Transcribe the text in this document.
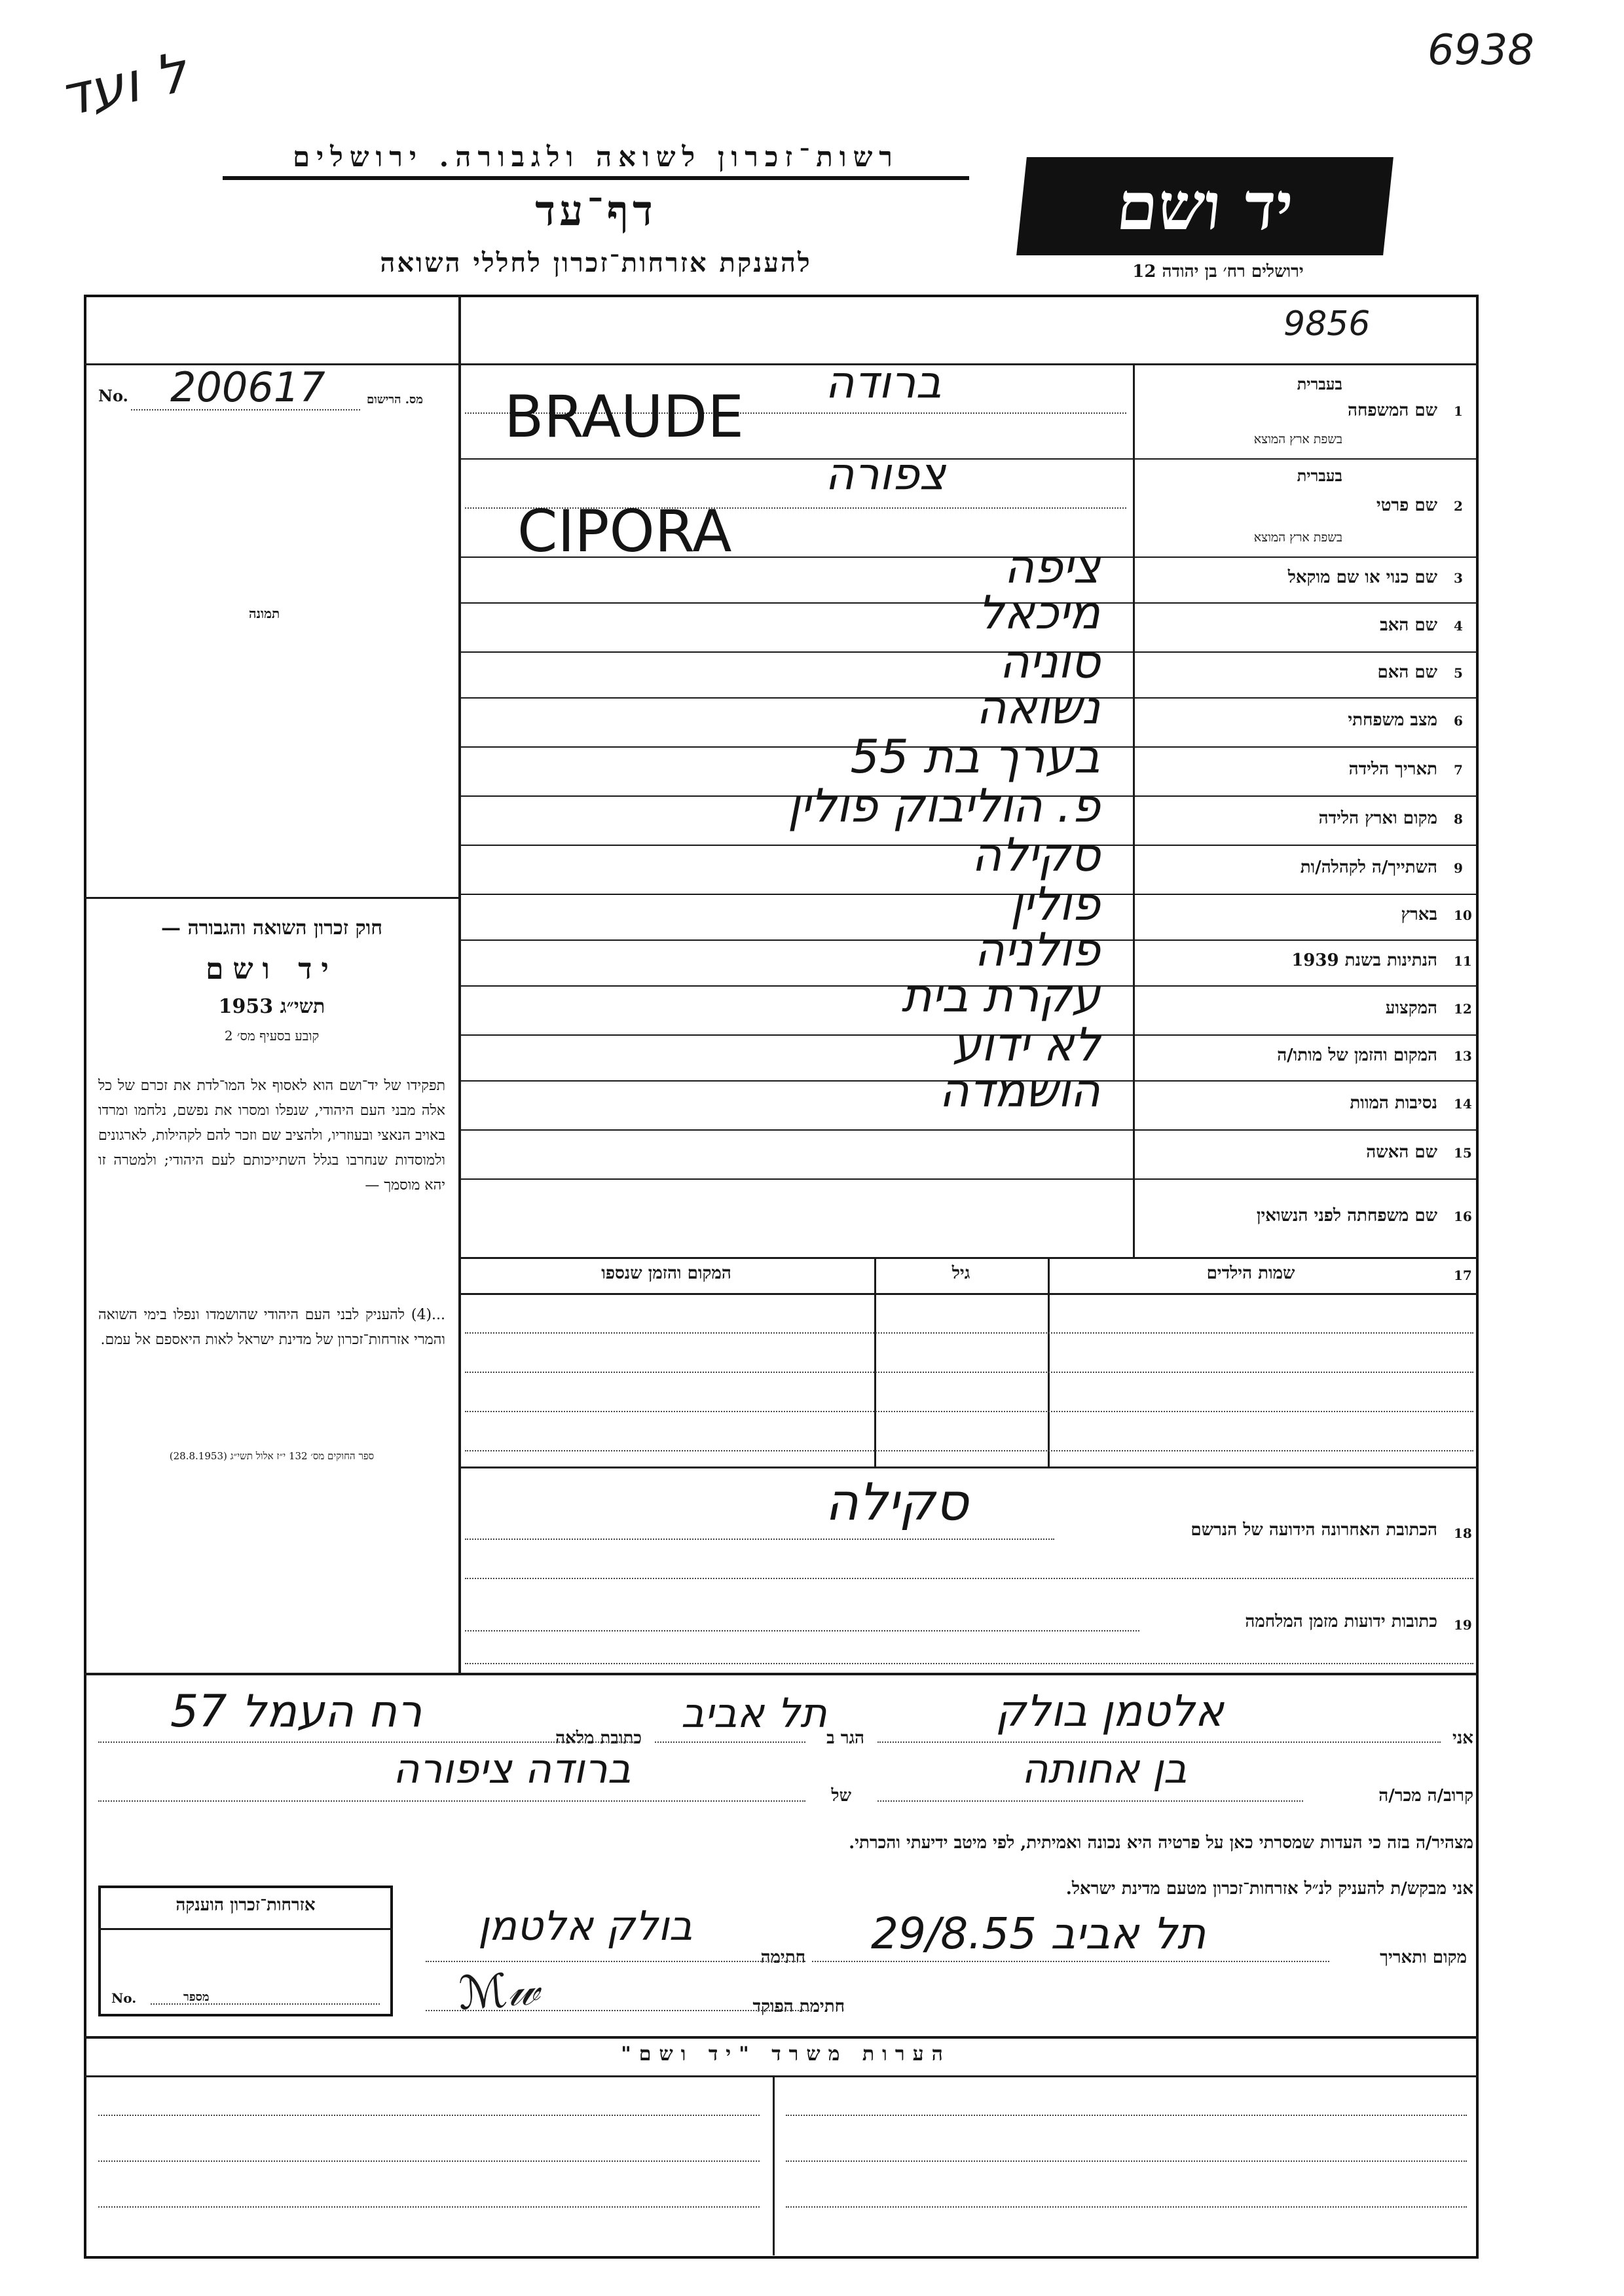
ל ועד	6938
רשות־זכרון לשואה ולגבורה. ירושלים
דף־עד
להענקת אזרחות־זכרון לחללי השואה
יד ושם
ירושלים רח׳ בן יהודה 12
9856
No. 200617	מס. הרישום
תמונה
1
שם המשפחה
בעברית
בשפת ארץ המוצא
ברודה
BRAUDE
2
שם פרטי
בעברית
בשפת ארץ המוצא
צפורה
CIPORA
3
שם כנוי או שם מוקאל
ציפה
4
שם האב
מיכאל
5
שם האם
סוניה
6
מצב משפחתי
נשואה
7
תאריך הלידה
בערך בת 55
8
מקום וארץ הלידה
פ. הוליבוק פולין
9
השתייך/ה לקהלה/ות
סקילה
10
בארץ
פולין
11
הנתינות בשנת 1939
פולניה
12
המקצוע
עקרת בית
13
המקום והזמן של מותו/ה
לא ידוע
14
נסיבות המוות
הושמדה
15
שם האשה
16
שם משפחתה לפני הנשואין
חוק זכרון השואה והגבורה —
יד ושם
תשי״ג 1953
קובע בסעיף מס׳ 2
תפקידו של יד־ושם הוא לאסוף אל המו־לדת את זכרם של כל אלה מבני העם היהודי, שנפלו ומסרו את נפשם, נלחמו ומרדו באויב הנאצי ובעוזריו, ולהציב שם וזכר להם לקהילות, לארגונים ולמוסדות שנחרבו בגלל השתייכותם לעם היהודי; ולמטרה זו יהא מוסמך —
...(4) להעניק לבני העם היהודי שהושמדו ונפלו בימי השואה והמרי אזרחות־זכרון של מדינת ישראל לאות היאספם אל עמם.
ספר החוקים מס׳ 132 י״ז אלול תשי״ג (28.8.1953)
17
שמות הילדים
גיל
המקום והזמן שנספו
18
הכתובת האחרונה הידועה של הנרשם
סקילה
19
כתובות ידועות מזמן המלחמה
אני
אלטמן בולק
הגר ב
תל אביב
כתובת מלאה
רח העמל 57
קרוב/ה מכר/ה
בן אחותה
של
ברודה ציפורה
מצהיר/ה בזה כי העדות שמסרתי כאן על פרטיה היא נכונה ואמיתית, לפי מיטב ידיעתי והכרתי.
אני מבקש/ת להעניק לנ״ל אזרחות־זכרון מטעם מדינת ישראל.
אזרחות־זכרון הוענקה
No.	מספר
מקום ותאריך
תל אביב 29/8.55
חתימה
בולק אלטמן
חתימת הפוקד
ℳ𝓌
הערות משרד "יד ושם"
